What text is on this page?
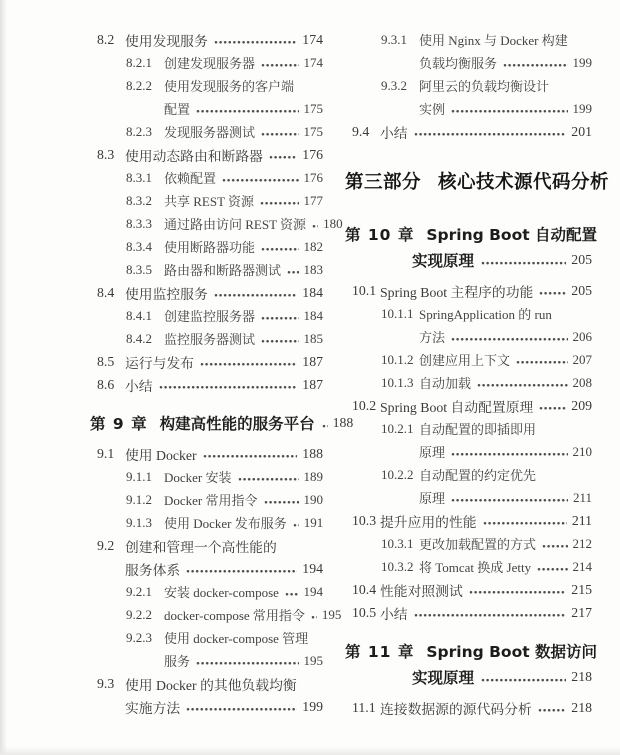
8.2 使用发现服务	174
8.2.1 创建发现服务器	174
8.2.2 使用发现服务的客户端
配置	175
8.2.3 发现服务器测试	175
8.3 使用动态路由和断路器	176
8.3.1 依赖配置	176
8.3.2 共享 REST 资源	177
8.3.3 通过路由访问 REST 资源 180
8.3.4 使用断路器功能	182
8.3.5 路由器和断路器测试 183
8.4 使用监控服务	184
8.4.1 创建监控服务器	184
8.4.2 监控服务器测试	185
8.5 运行与发布	187
8.6 小结	187
第 9 章 构建高性能的服务平台 188
9.1 使用 Docker	188
9.1.1 Docker 安装	189
9.1.2 Docker 常用指令	190
9.1.3 使用 Docker 发布服务 191
9.2 创建和管理一个高性能的
服务体系	194
9.2.1 安装 docker-compose 194
9.2.2 docker-compose 常用指令 195
9.2.3 使用 docker-compose 管理
服务	195
9.3 使用 Docker 的其他负载均衡
实施方法	199
9.3.1 使用 Nginx 与 Docker 构建
负载均衡服务	199
9.3.2 阿里云的负载均衡设计
实例	199
9.4 小结	201
第三部分 核心技术源代码分析
第 10 章 Spring Boot 自动配置
实现原理	205
10.1 Spring Boot 主程序的功能	205
10.1.1 SpringApplication 的 run
方法	206
10.1.2 创建应用上下文	207
10.1.3 自动加载	208
10.2 Spring Boot 自动配置原理	209
10.2.1 自动配置的即插即用
原理	210
10.2.2 自动配置的约定优先
原理	211
10.3 提升应用的性能	211
10.3.1 更改加载配置的方式	212
10.3.2 将 Tomcat 换成 Jetty	214
10.4 性能对照测试	215
10.5 小结	217
第 11 章 Spring Boot 数据访问
实现原理	218
11.1 连接数据源的源代码分析	218
